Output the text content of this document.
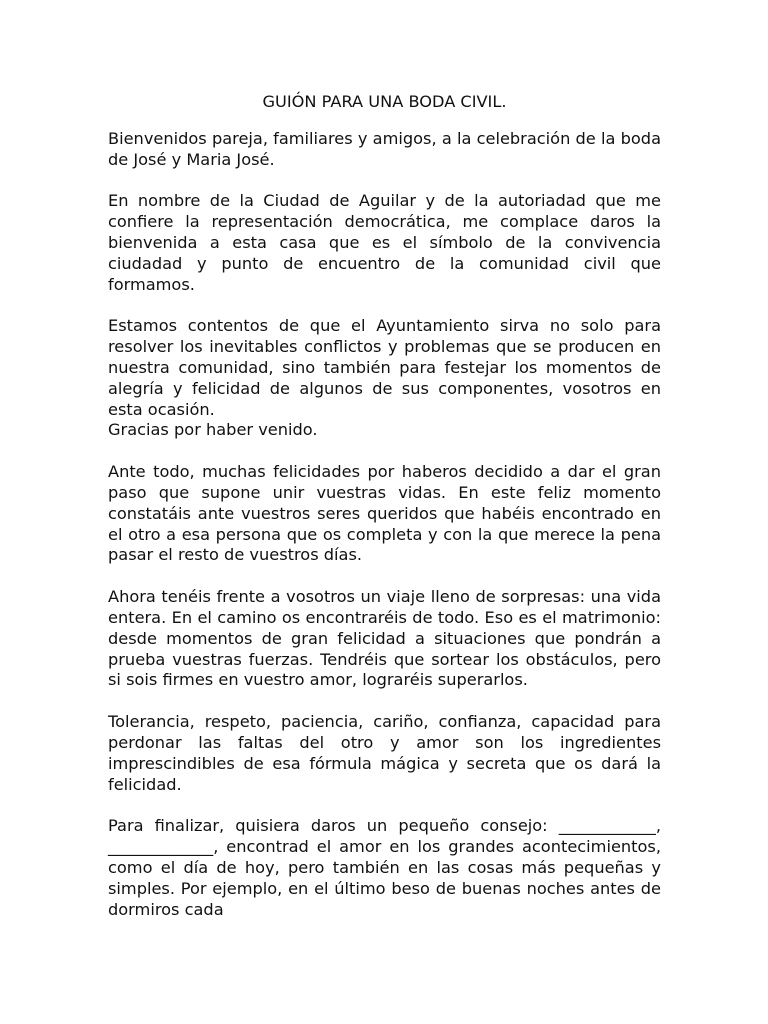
GUIÓN PARA UNA BODA CIVIL.

Bienvenidos pareja, familiares y amigos, a la celebración de la boda de José y Maria José.

En nombre de la Ciudad de Aguilar y de la autoriadad que me confiere la representación democrática, me complace daros la bienvenida a esta casa que es el símbolo de la convivencia ciudadad y punto de encuentro de la comunidad civil que formamos.

Estamos contentos de que el Ayuntamiento sirva no solo para resolver los inevitables conflictos y problemas que se producen en nuestra comunidad, sino también para festejar los momentos de alegría y felicidad de algunos de sus componentes, vosotros en esta ocasión.

Gracias por haber venido.

Ante todo, muchas felicidades por haberos decidido a dar el gran paso que supone unir vuestras vidas. En este feliz momento constatáis ante vuestros seres queridos que habéis encontrado en el otro a esa persona que os completa y con la que merece la pena pasar el resto de vuestros días.

Ahora tenéis frente a vosotros un viaje lleno de sorpresas: una vida entera. En el camino os encontraréis de todo. Eso es el matrimonio: desde momentos de gran felicidad a situaciones que pondrán a prueba vuestras fuerzas. Tendréis que sortear los obstáculos, pero si sois firmes en vuestro amor, lograréis superarlos.

Tolerancia, respeto, paciencia, cariño, confianza, capacidad para perdonar las faltas del otro y amor son los ingredientes imprescindibles de esa fórmula mágica y secreta que os dará la felicidad.

Para finalizar, quisiera daros un pequeño consejo: ____________, _____________, encontrad el amor en los grandes acontecimientos, como el día de hoy, pero también en las cosas más pequeñas y simples. Por ejemplo, en el último beso de buenas noches antes de dormiros cada
